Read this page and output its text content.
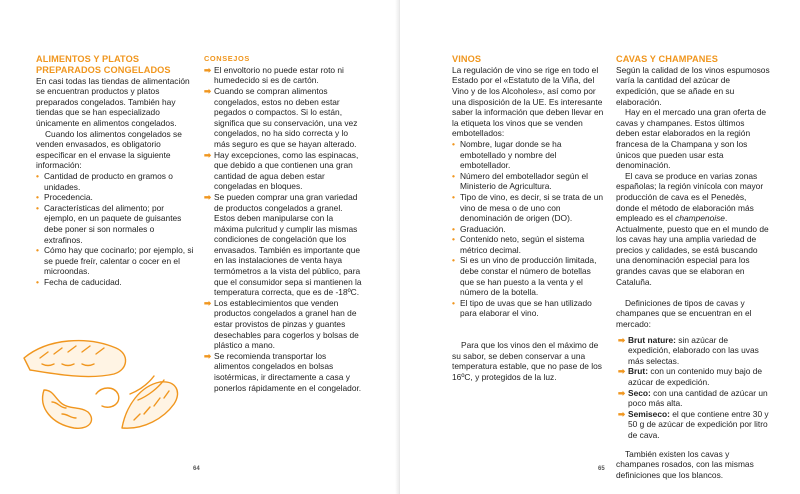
ALIMENTOS Y PLATOS PREPARADOS CONGELADOS

En casi todas las tiendas de alimentación se encuentran productos y platos preparados congelados. También hay tiendas que se han especializado únicamente en alimentos congelados.

Cuando los alimentos congelados se venden envasados, es obligatorio especificar en el envase la siguiente información:

• Cantidad de producto en gramos o unidades.
• Procedencia.
• Características del alimento; por ejemplo, en un paquete de guisantes debe poner si son normales o extrafinos.
• Cómo hay que cocinarlo; por ejemplo, si se puede freír, calentar o cocer en el microondas.
• Fecha de caducidad.
CONSEJOS
➡ El envoltorio no puede estar roto ni humedecido si es de cartón.
➡ Cuando se compran alimentos congelados, estos no deben estar pegados o compactos. Si lo están, significa que su conservación, una vez congelados, no ha sido correcta y lo más seguro es que se hayan alterado.
➡ Hay excepciones, como las espinacas, que debido a que contienen una gran cantidad de agua deben estar congeladas en bloques.
➡ Se pueden comprar una gran variedad de productos congelados a granel. Estos deben manipularse con la máxima pulcritud y cumplir las mismas condiciones de congelación que los envasados. También es importante que en las instalaciones de venta haya termómetros a la vista del público, para que el consumidor sepa si mantienen la temperatura correcta, que es de -18ºC.
➡ Los establecimientos que venden productos congelados a granel han de estar provistos de pinzas y guantes desechables para cogerlos y bolsas de plástico a mano.
➡ Se recomienda transportar los alimentos congelados en bolsas isotérmicas, ir directamente a casa y ponerlos rápidamente en el congelador.
64	65
VINOS

La regulación de vino se rige en todo el Estado por el «Estatuto de la Viña, del Vino y de los Alcoholes», así como por una disposición de la UE. Es interesante saber la información que deben llevar en la etiqueta los vinos que se venden embotellados:

• Nombre, lugar donde se ha embotellado y nombre del embotellador.
• Número del embotellador según el Ministerio de Agricultura.
• Tipo de vino, es decir, si se trata de un vino de mesa o de uno con denominación de origen (DO).
• Graduación.
• Contenido neto, según el sistema métrico decimal.
• Si es un vino de producción limitada, debe constar el número de botellas que se han puesto a la venta y el número de la botella.
• El tipo de uvas que se han utilizado para elaborar el vino.

Para que los vinos den el máximo de su sabor, se deben conservar a una temperatura estable, que no pase de los 16ºC, y protegidos de la luz.

CAVAS Y CHAMPANES

Según la calidad de los vinos espumosos varía la cantidad del azúcar de expedición, que se añade en su elaboración.

Hay en el mercado una gran oferta de cavas y champanes. Estos últimos deben estar elaborados en la región francesa de la Champana y son los únicos que pueden usar esta denominación.

El cava se produce en varias zonas españolas; la región vinícola con mayor producción de cava es el Penedès, donde el método de elaboración más empleado es el champenoise. Actualmente, puesto que en el mundo de los cavas hay una amplia variedad de precios y calidades, se está buscando una denominación especial para los grandes cavas que se elaboran en Cataluña.

Definiciones de tipos de cavas y champanes que se encuentran en el mercado:

➡ Brut nature: sin azúcar de expedición, elaborado con las uvas más selectas.
➡ Brut: con un contenido muy bajo de azúcar de expedición.
➡ Seco: con una cantidad de azúcar un poco más alta.
➡ Semiseco: el que contiene entre 30 y 50 g de azúcar de expedición por litro de cava.

También existen los cavas y champanes rosados, con las mismas definiciones que los blancos.
